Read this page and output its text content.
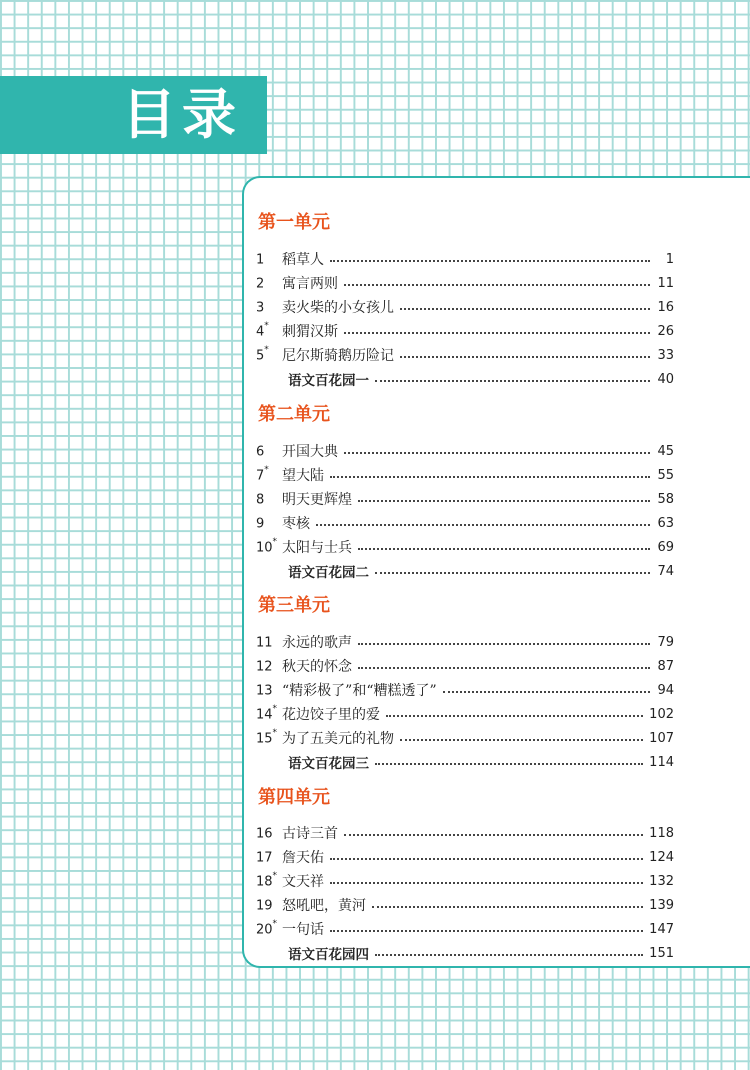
目录
第一单元
1	稻草人	1
2	寓言两则	11
3	卖火柴的小女孩儿	16
4* 刺猬汉斯	26
5* 尼尔斯骑鹅历险记	33
语文百花园一	40
第二单元
6	开国大典	45
7* 望大陆	55
8	明天更辉煌	58
9	枣核	63
10* 太阳与士兵	69
语文百花园二	74
第三单元
11 永远的歌声	79
12 秋天的怀念	87
13 “精彩极了”和“糟糕透了”	94
14* 花边饺子里的爱	102
15* 为了五美元的礼物	107
语文百花园三	114
第四单元
16 古诗三首	118
17 詹天佑	124
18* 文天祥	132
19 怒吼吧，黄河	139
20* 一句话	147
语文百花园四	151
